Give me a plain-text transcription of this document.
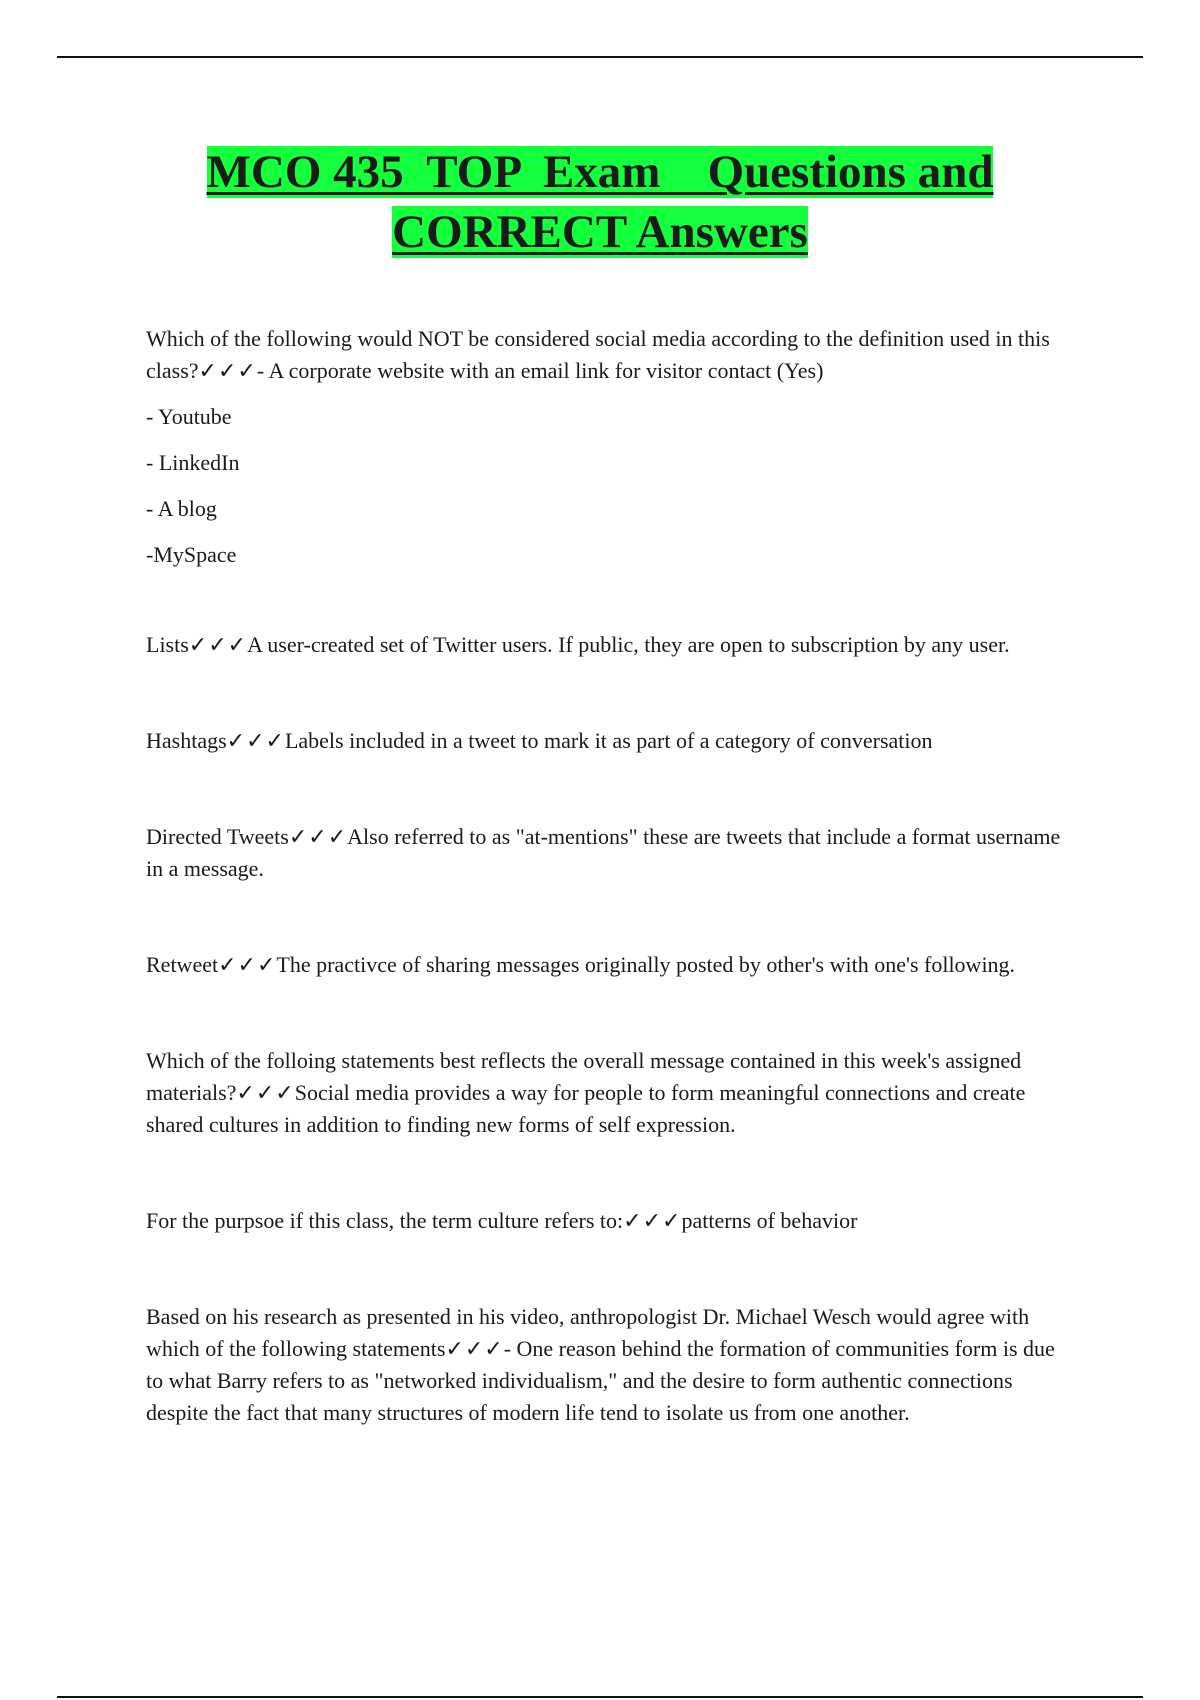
MCO 435  TOP  Exam    Questions and
CORRECT Answers

Which of the following would NOT be considered social media according to the definition used in this class?✓✓✓- A corporate website with an email link for visitor contact (Yes)

- Youtube

- LinkedIn

- A blog

-MySpace

Lists✓✓✓A user-created set of Twitter users. If public, they are open to subscription by any user.

Hashtags✓✓✓Labels included in a tweet to mark it as part of a category of conversation

Directed Tweets✓✓✓Also referred to as "at-mentions" these are tweets that include a format username in a message.

Retweet✓✓✓The practivce of sharing messages originally posted by other's with one's following.

Which of the folloing statements best reflects the overall message contained in this week's assigned materials?✓✓✓Social media provides a way for people to form meaningful connections and create shared cultures in addition to finding new forms of self expression.

For the purpsoe if this class, the term culture refers to:✓✓✓patterns of behavior

Based on his research as presented in his video, anthropologist Dr. Michael Wesch would agree with which of the following statements✓✓✓- One reason behind the formation of communities form is due to what Barry refers to as "networked individualism," and the desire to form authentic connections despite the fact that many structures of modern life tend to isolate us from one another.
